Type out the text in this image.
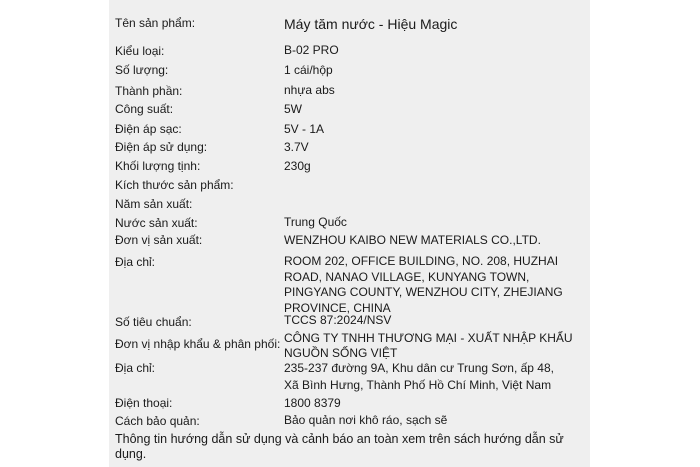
Tên sản phẩm:	Máy tăm nước - Hiệu Magic
Kiểu loại:	B-02 PRO
Số lượng:	1 cái/hộp
Thành phần:	nhựa abs
Công suất:	5W
Điện áp sạc:	5V - 1A
Điện áp sử dụng:	3.7V
Khối lượng tịnh:	230g
Kích thước sản phẩm:
Năm sản xuất:
Nước sản xuất:	Trung Quốc
Đơn vị sản xuất:	WENZHOU KAIBO NEW MATERIALS CO.,LTD.
Địa chỉ:	ROOM 202, OFFICE BUILDING, NO. 208, HUZHAI
ROAD, NANAO VILLAGE, KUNYANG TOWN,
PINGYANG COUNTY, WENZHOU CITY, ZHEJIANG
PROVINCE, CHINA
Số tiêu chuẩn:	TCCS 87:2024/NSV
Đơn vị nhập khẩu & phân phối: CÔNG TY TNHH THƯƠNG MẠI - XUẤT NHẬP KHẨU
NGUỒN SỐNG VIỆT
Địa chỉ:	235-237 đường 9A, Khu dân cư Trung Sơn, ấp 48,
Xã Bình Hưng, Thành Phố Hồ Chí Minh, Việt Nam
Điện thoại:	1800 8379
Cách bảo quản:	Bảo quản nơi khô ráo, sạch sẽ
Thông tin hướng dẫn sử dụng và cảnh báo an toàn xem trên sách hướng dẫn sử dụng.
